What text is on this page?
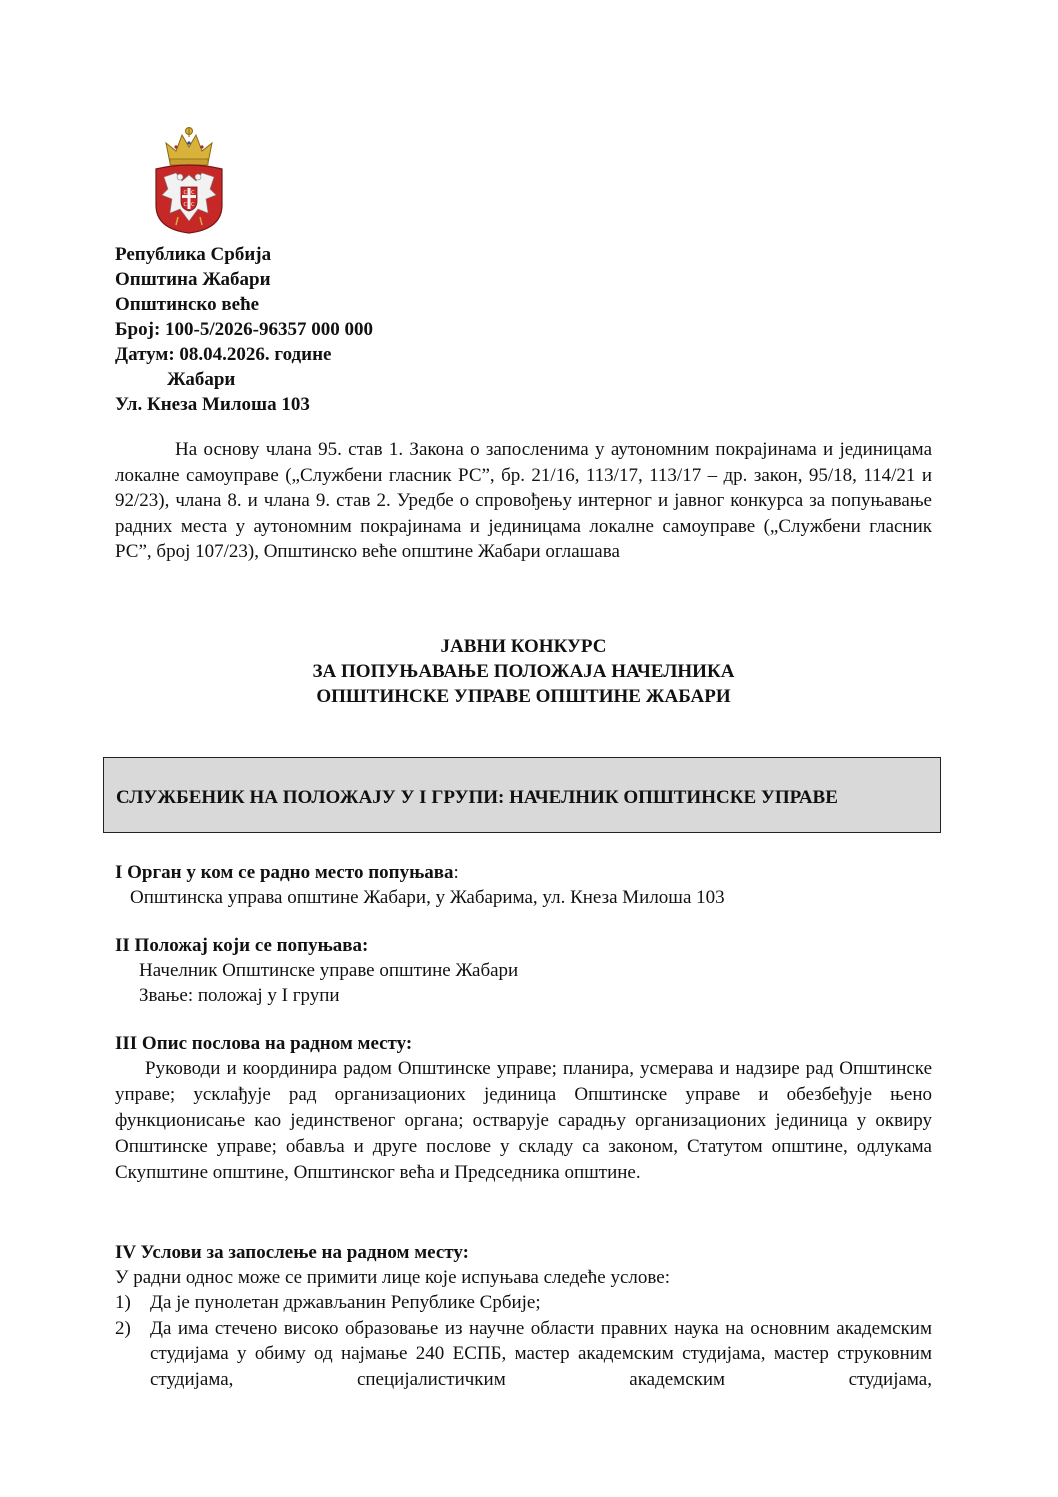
С С
С С
Република Србија
Општина Жабари
Општинско веће
Број: 100-5/2026-96357 000 000
Датум: 08.04.2026. године
Жабари
Ул. Кнеза Милоша 103
На основу члана 95. став 1. Закона о запосленима у аутономним покрајинама и јединицама локалне самоуправе („Службени гласник РС”, бр. 21/16, 113/17, 113/17 – др. закон, 95/18, 114/21 и 92/23), члана 8. и члана 9. став 2. Уредбе о спровођењу интерног и јавног конкурса за попуњавање радних места у аутономним покрајинама и јединицама локалне самоуправе („Службени гласник РС”, број 107/23), Општинско веће општине Жабари оглашава
ЈАВНИ КОНКУРС
ЗА ПОПУЊАВАЊЕ ПОЛОЖАЈА НАЧЕЛНИКА
ОПШТИНСКЕ УПРАВЕ ОПШТИНЕ ЖАБАРИ
СЛУЖБЕНИК НА ПОЛОЖАЈУ У I ГРУПИ: НАЧЕЛНИК ОПШТИНСКЕ УПРАВЕ
I Орган у ком се радно место попуњава:
Општинска управа општине Жабари, у Жабарима, ул. Кнеза Милоша 103
II Положај који се попуњава:
Начелник Општинске управе општине Жабари
Звање: положај у I групи
III Опис послова на радном месту:
Руководи и координира радом Општинске управе; планира, усмерава и надзире рад Општинске управе; усклађује рад организационих јединица Општинске управе и обезбеђује њено функционисање као јединственог органа; остварује сарадњу организационих јединица у оквиру Општинске управе; обавља и друге послове у складу са законом, Статутом општине, одлукама Скупштине општине, Општинског већа и Председника општине.
IV Услови за запослење на радном месту:
У радни однос може се примити лице које испуњава следеће услове:
1)	Да је пунолетан држављанин Републике Србије;
2)	Да има стечено високо образовање из научне области правних наука на основним академским студијама у обиму од најмање 240 ЕСПБ, мастер академским студијама, мастер струковним студијама, специјалистичким академским студијама,
